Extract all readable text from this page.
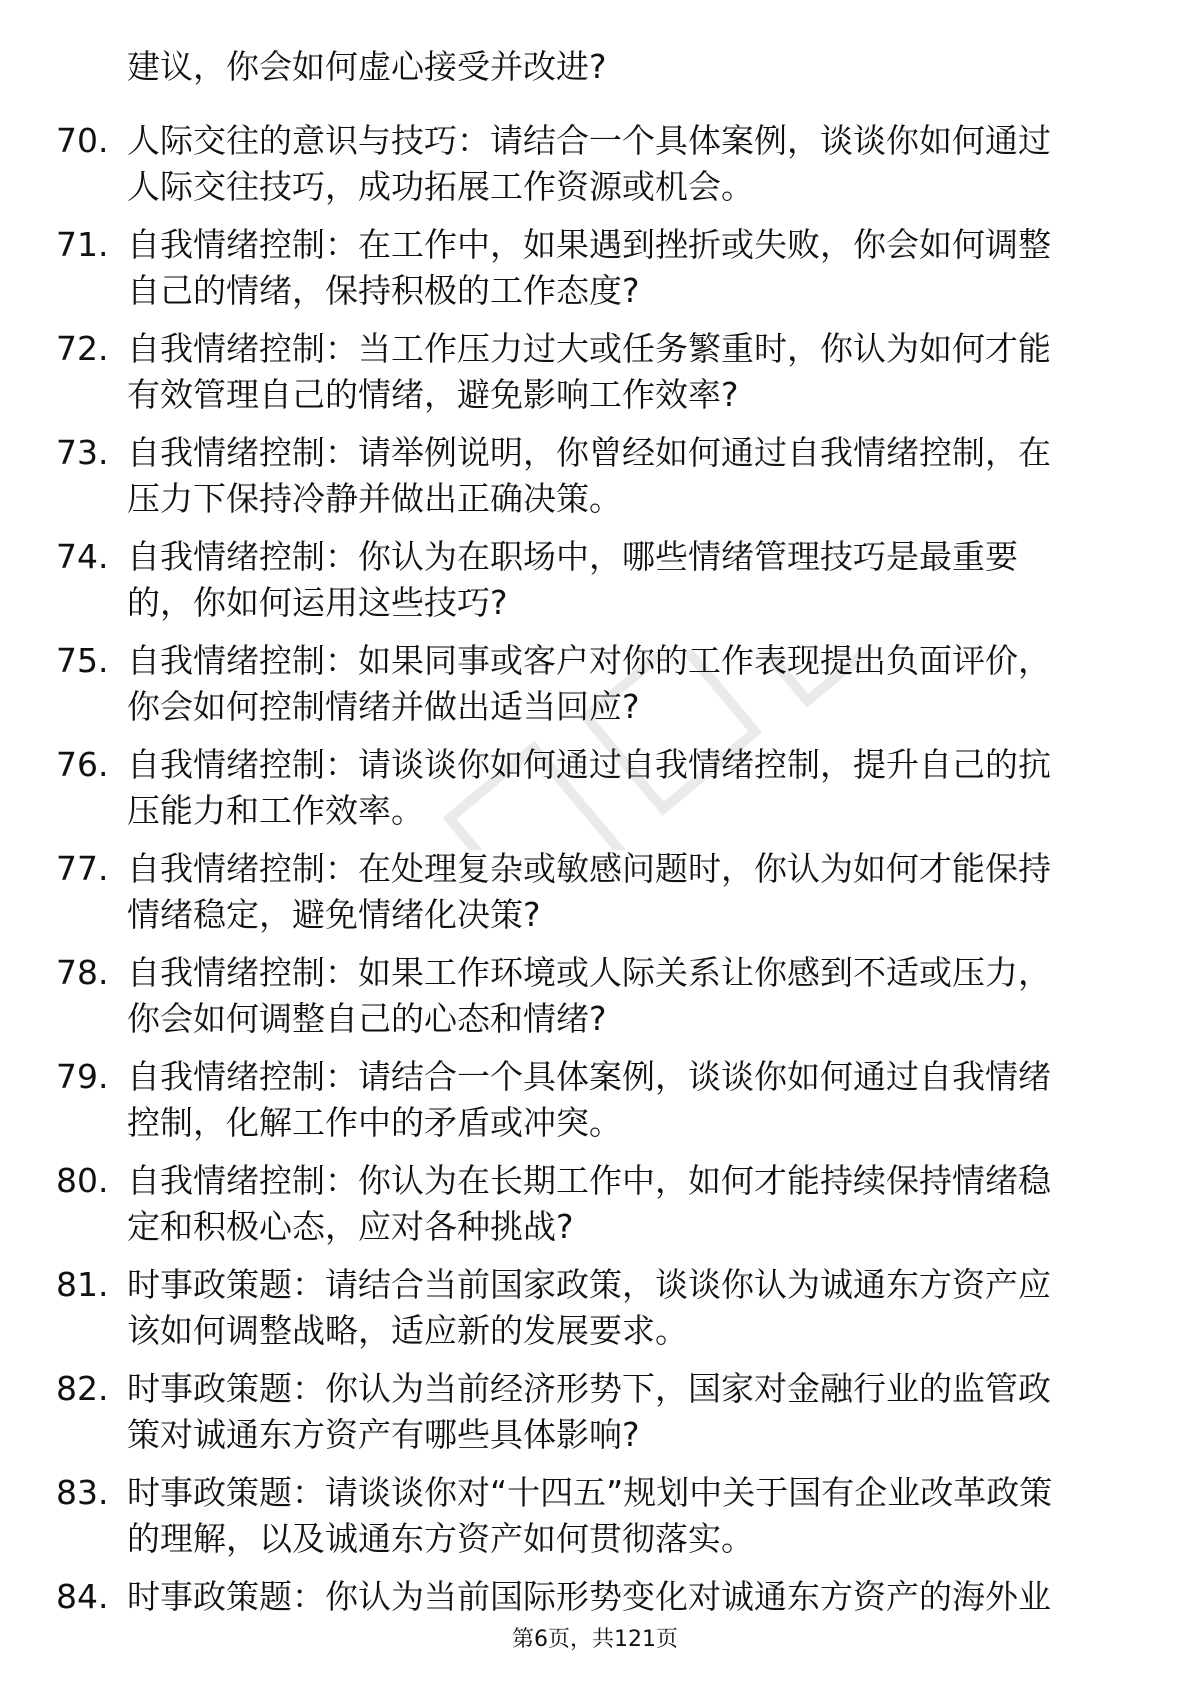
建议，你会如何虚心接受并改进?
70. 人际交往的意识与技巧：请结合一个具体案例，谈谈你如何通过
人际交往技巧，成功拓展工作资源或机会。
71. 自我情绪控制：在工作中，如果遇到挫折或失败，你会如何调整
自己的情绪，保持积极的工作态度?
72. 自我情绪控制：当工作压力过大或任务繁重时，你认为如何才能
有效管理自己的情绪，避免影响工作效率?
73. 自我情绪控制：请举例说明，你曾经如何通过自我情绪控制，在
压力下保持冷静并做出正确决策。
74. 自我情绪控制：你认为在职场中，哪些情绪管理技巧是最重要
的，你如何运用这些技巧?
75. 自我情绪控制：如果同事或客户对你的工作表现提出负面评价，
你会如何控制情绪并做出适当回应?
76. 自我情绪控制：请谈谈你如何通过自我情绪控制，提升自己的抗
压能力和工作效率。
77. 自我情绪控制：在处理复杂或敏感问题时，你认为如何才能保持
情绪稳定，避免情绪化决策?
78. 自我情绪控制：如果工作环境或人际关系让你感到不适或压力，
你会如何调整自己的心态和情绪?
79. 自我情绪控制：请结合一个具体案例，谈谈你如何通过自我情绪
控制，化解工作中的矛盾或冲突。
80. 自我情绪控制：你认为在长期工作中，如何才能持续保持情绪稳
定和积极心态，应对各种挑战?
81. 时事政策题：请结合当前国家政策，谈谈你认为诚通东方资产应
该如何调整战略，适应新的发展要求。
82. 时事政策题：你认为当前经济形势下，国家对金融行业的监管政
策对诚通东方资产有哪些具体影响?
83. 时事政策题：请谈谈你对“十四五”规划中关于国有企业改革政策
的理解，以及诚通东方资产如何贯彻落实。
84. 时事政策题：你认为当前国际形势变化对诚通东方资产的海外业
第6页，共121页
